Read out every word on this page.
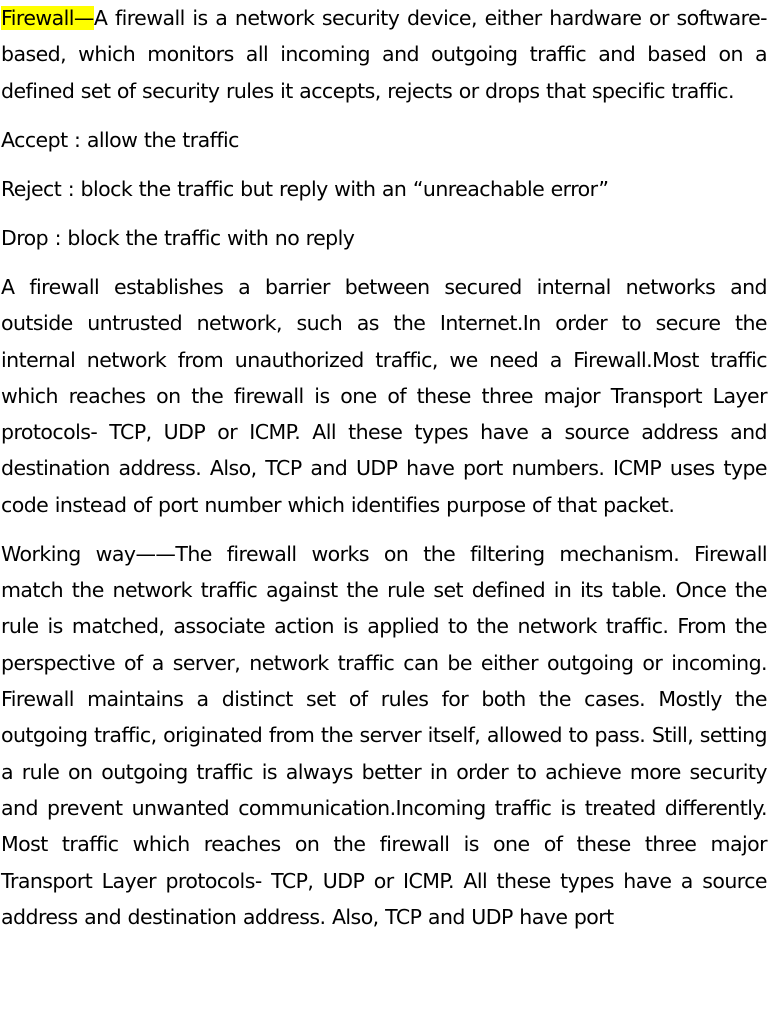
Firewall—A firewall is a network security device, either hardware or software-based, which monitors all incoming and outgoing traffic and based on a defined set of security rules it accepts, rejects or drops that specific traffic.

Accept : allow the traffic

Reject : block the traffic but reply with an “unreachable error”

Drop : block the traffic with no reply

A firewall establishes a barrier between secured internal networks and outside untrusted network, such as the Internet.In order to secure the internal network from unauthorized traffic, we need a Firewall.Most traffic which reaches on the firewall is one of these three major Transport Layer protocols- TCP, UDP or ICMP. All these types have a source address and destination address. Also, TCP and UDP have port numbers. ICMP uses type code instead of port number which identifies purpose of that packet.

Working way——The firewall works on the filtering mechanism. Firewall match the network traffic against the rule set defined in its table. Once the rule is matched, associate action is applied to the network traffic. From the perspective of a server, network traffic can be either outgoing or incoming. Firewall maintains a distinct set of rules for both the cases. Mostly the outgoing traffic, originated from the server itself, allowed to pass. Still, setting a rule on outgoing traffic is always better in order to achieve more security and prevent unwanted communication.Incoming traffic is treated differently. Most traffic which reaches on the firewall is one of these three major Transport Layer protocols- TCP, UDP or ICMP. All these types have a source address and destination address. Also, TCP and UDP have port
